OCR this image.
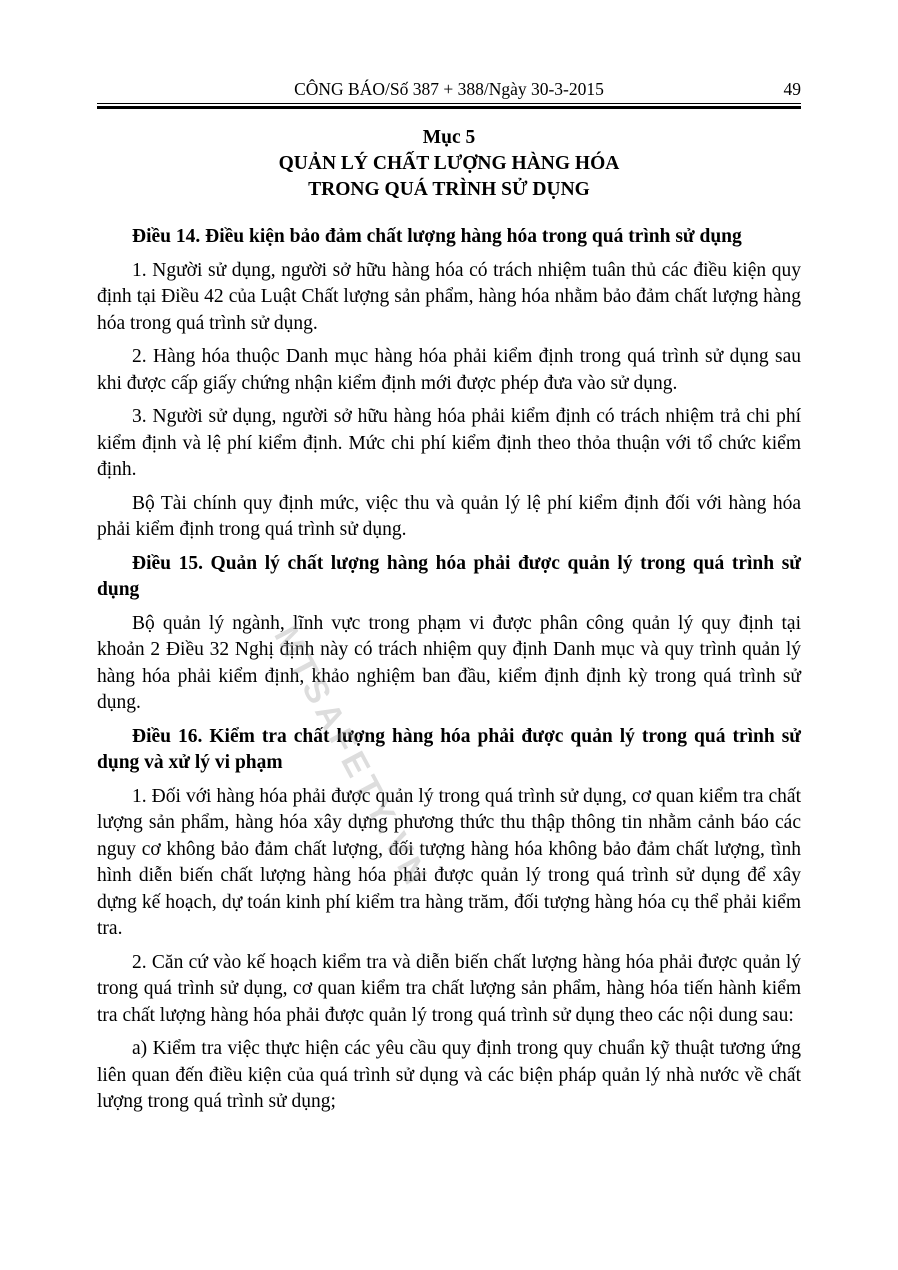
CÔNG BÁO/Số 387 + 388/Ngày 30-3-2015	49
Mục 5
QUẢN LÝ CHẤT LƯỢNG HÀNG HÓA
TRONG QUÁ TRÌNH SỬ DỤNG
Điều 14. Điều kiện bảo đảm chất lượng hàng hóa trong quá trình sử dụng

1. Người sử dụng, người sở hữu hàng hóa có trách nhiệm tuân thủ các điều kiện quy định tại Điều 42 của Luật Chất lượng sản phẩm, hàng hóa nhằm bảo đảm chất lượng hàng hóa trong quá trình sử dụng.

2. Hàng hóa thuộc Danh mục hàng hóa phải kiểm định trong quá trình sử dụng sau khi được cấp giấy chứng nhận kiểm định mới được phép đưa vào sử dụng.

3. Người sử dụng, người sở hữu hàng hóa phải kiểm định có trách nhiệm trả chi phí kiểm định và lệ phí kiểm định. Mức chi phí kiểm định theo thỏa thuận với tổ chức kiểm định.

Bộ Tài chính quy định mức, việc thu và quản lý lệ phí kiểm định đối với hàng hóa phải kiểm định trong quá trình sử dụng.

Điều 15. Quản lý chất lượng hàng hóa phải được quản lý trong quá trình sử dụng

Bộ quản lý ngành, lĩnh vực trong phạm vi được phân công quản lý quy định tại khoản 2 Điều 32 Nghị định này có trách nhiệm quy định Danh mục và quy trình quản lý hàng hóa phải kiểm định, khảo nghiệm ban đầu, kiểm định định kỳ trong quá trình sử dụng.

Điều 16. Kiểm tra chất lượng hàng hóa phải được quản lý trong quá trình sử dụng và xử lý vi phạm

1. Đối với hàng hóa phải được quản lý trong quá trình sử dụng, cơ quan kiểm tra chất lượng sản phẩm, hàng hóa xây dựng phương thức thu thập thông tin nhằm cảnh báo các nguy cơ không bảo đảm chất lượng, đối tượng hàng hóa không bảo đảm chất lượng, tình hình diễn biến chất lượng hàng hóa phải được quản lý trong quá trình sử dụng để xây dựng kế hoạch, dự toán kinh phí kiểm tra hàng trăm, đối tượng hàng hóa cụ thể phải kiểm tra.

2. Căn cứ vào kế hoạch kiểm tra và diễn biến chất lượng hàng hóa phải được quản lý trong quá trình sử dụng, cơ quan kiểm tra chất lượng sản phẩm, hàng hóa tiến hành kiểm tra chất lượng hàng hóa phải được quản lý trong quá trình sử dụng theo các nội dung sau:

a) Kiểm tra việc thực hiện các yêu cầu quy định trong quy chuẩn kỹ thuật tương ứng liên quan đến điều kiện của quá trình sử dụng và các biện pháp quản lý nhà nước về chất lượng trong quá trình sử dụng;

MTSAFETY.VN
